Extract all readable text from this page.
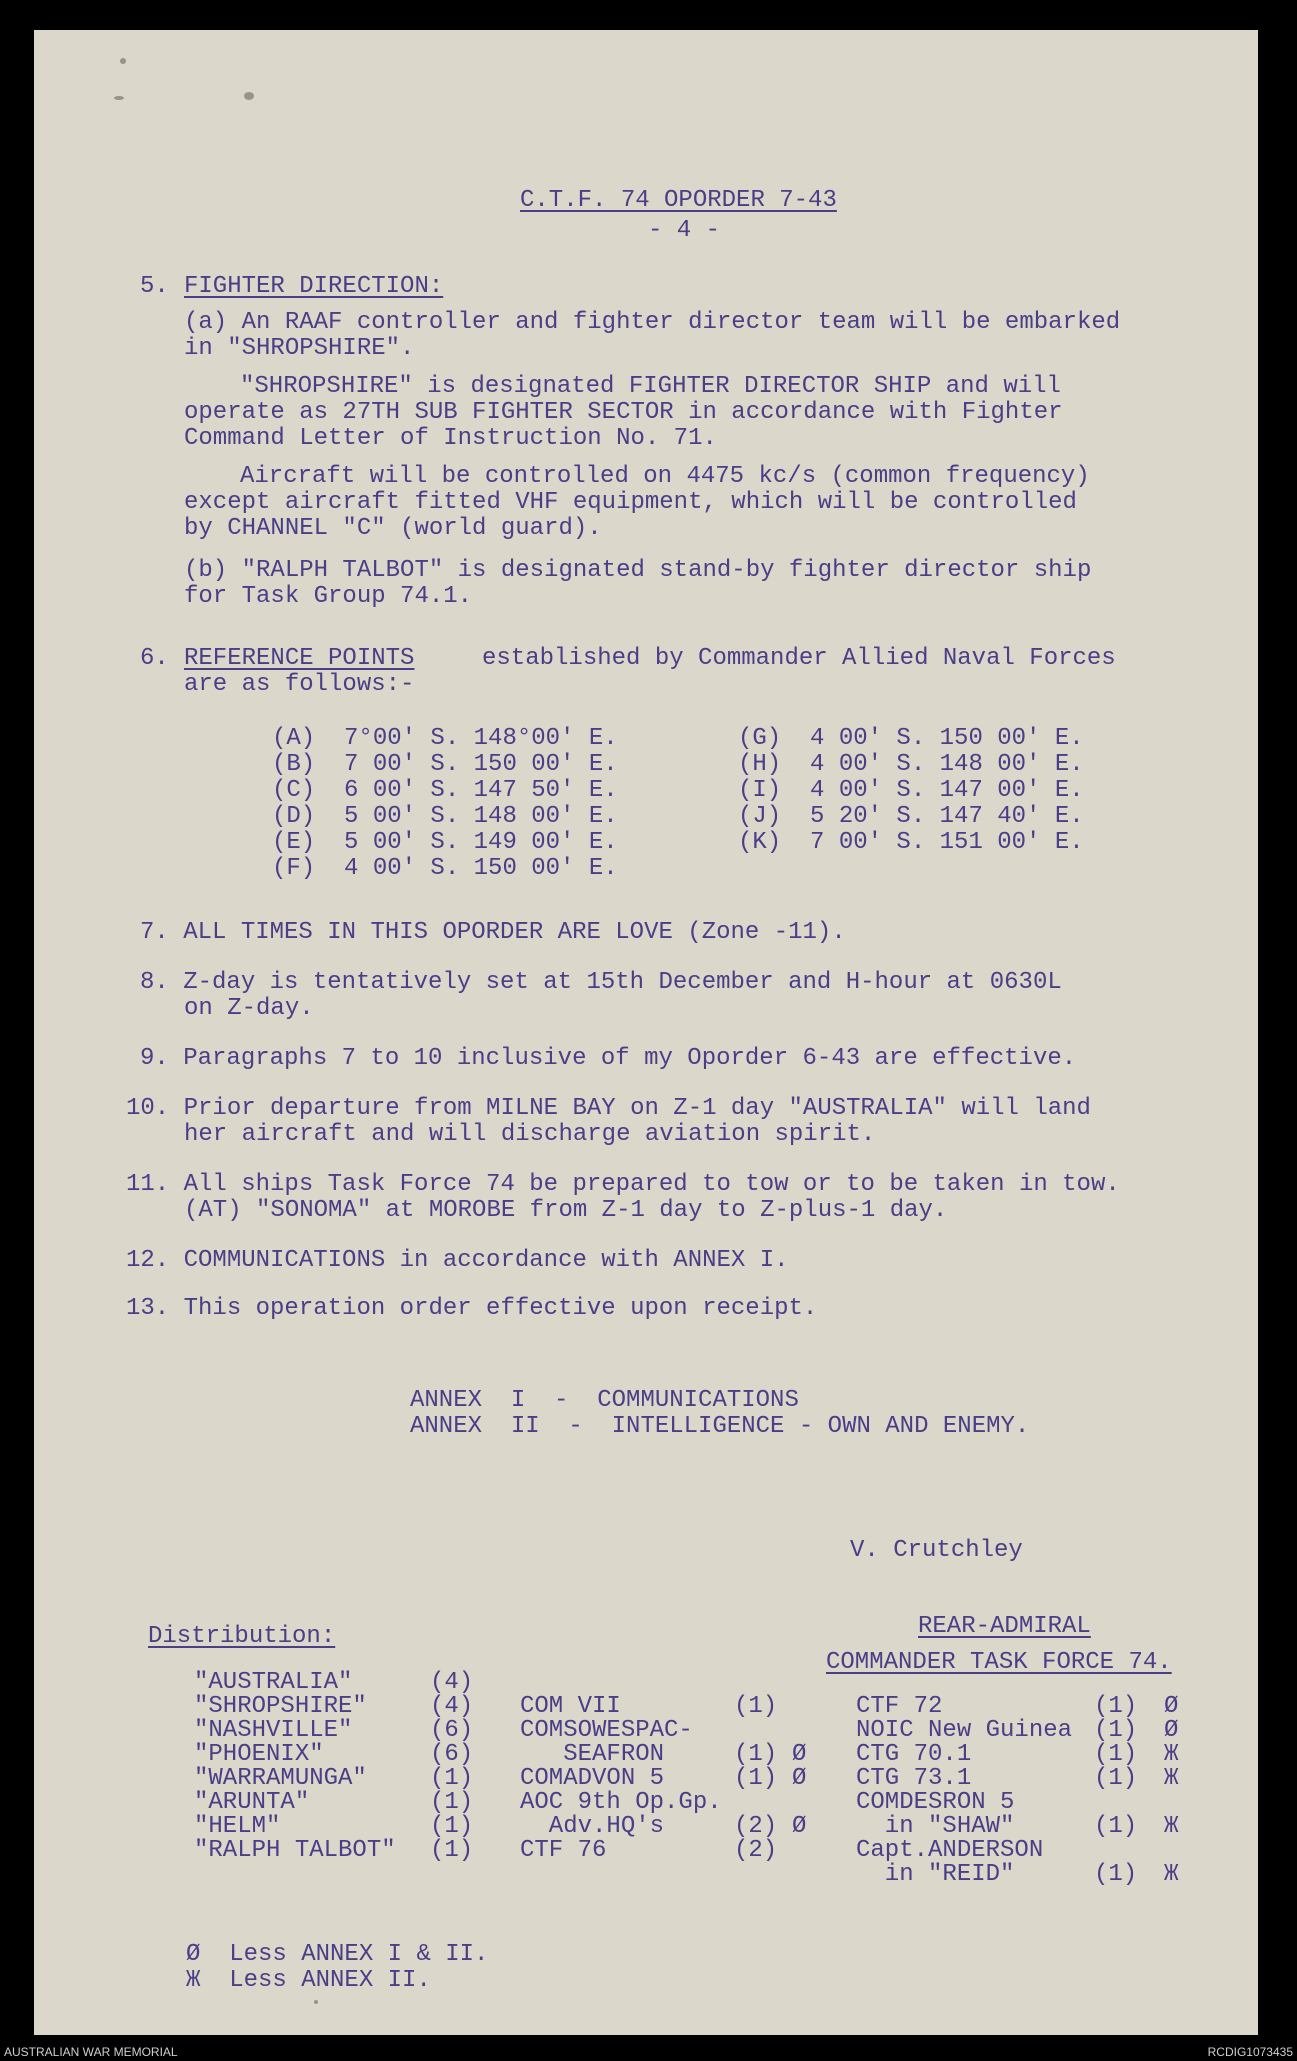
C.T.F. 74 OPORDER 7-43
- 4 -
5. FIGHTER DIRECTION:
(a) An RAAF controller and fighter director team will be embarked
in "SHROPSHIRE".
"SHROPSHIRE" is designated FIGHTER DIRECTOR SHIP and will
operate as 27TH SUB FIGHTER SECTOR in accordance with Fighter
Command Letter of Instruction No. 71.
Aircraft will be controlled on 4475 kc/s (common frequency)
except aircraft fitted VHF equipment, which will be controlled
by CHANNEL "C" (world guard).
(b) "RALPH TALBOT" is designated stand-by fighter director ship
for Task Group 74.1.
6. REFERENCE POINTS	established by Commander Allied Naval Forces
are as follows:-
(A)  7°00' S. 148°00' E.
(B)  7 00' S. 150 00' E.
(C)  6 00' S. 147 50' E.
(D)  5 00' S. 148 00' E.
(E)  5 00' S. 149 00' E.
(F)  4 00' S. 150 00' E.
(G)  4 00' S. 150 00' E.
(H)  4 00' S. 148 00' E.
(I)  4 00' S. 147 00' E.
(J)  5 20' S. 147 40' E.
(K)  7 00' S. 151 00' E.
7. ALL TIMES IN THIS OPORDER ARE LOVE (Zone -11).
8. Z-day is tentatively set at 15th December and H-hour at 0630L
on Z-day.
9. Paragraphs 7 to 10 inclusive of my Oporder 6-43 are effective.
10. Prior departure from MILNE BAY on Z-1 day "AUSTRALIA" will land
her aircraft and will discharge aviation spirit.
11. All ships Task Force 74 be prepared to tow or to be taken in tow.
(AT) "SONOMA" at MOROBE from Z-1 day to Z-plus-1 day.
12. COMMUNICATIONS in accordance with ANNEX I.
13. This operation order effective upon receipt.
ANNEX  I  -  COMMUNICATIONS
ANNEX  II  -  INTELLIGENCE - OWN AND ENEMY.
V. Crutchley
REAR-ADMIRAL
COMMANDER TASK FORCE 74.
Distribution:
"AUSTRALIA"	(4)
"SHROPSHIRE"	(4)
"NASHVILLE"	(6)
"PHOENIX"	(6)
"WARRAMUNGA"	(1)
"ARUNTA"	(1)
"HELM"	(1)
"RALPH TALBOT" (1)
COM VII	(1)
COMSOWESPAC-
SEAFRON	(1) Ø
COMADVON 5	(1) Ø
AOC 9th Op.Gp.
Adv.HQ's	(2) Ø
CTF 76	(2)
CTF 72	(1) Ø
NOIC New Guinea (1) Ø
CTG 70.1	(1) Ж
CTG 73.1	(1) Ж
COMDESRON 5
in "SHAW"	(1) Ж
Capt.ANDERSON
in "REID"	(1) Ж
Ø  Less ANNEX I & II.
Ж  Less ANNEX II.
AUSTRALIAN WAR MEMORIAL	RCDIG1073435
